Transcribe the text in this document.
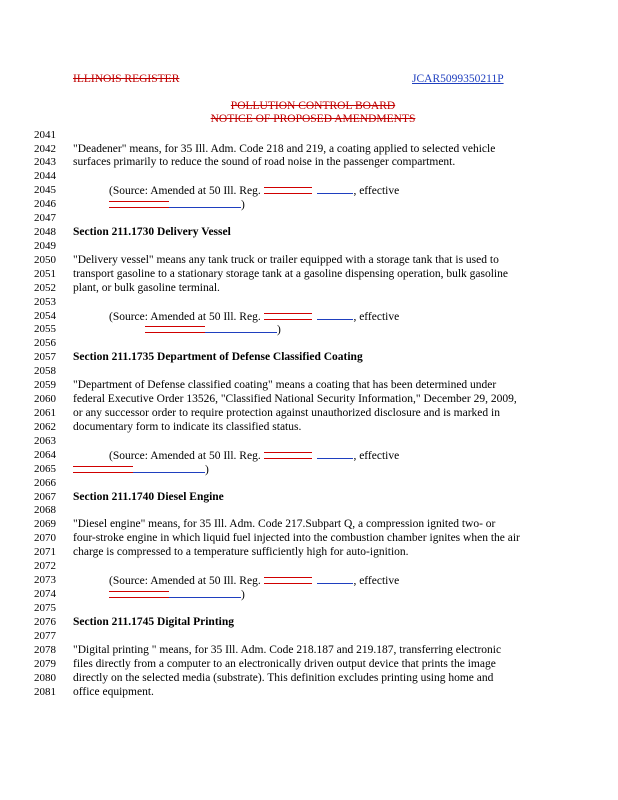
ILLINOIS REGISTER	JCAR5099350211P
POLLUTION CONTROL BOARD
NOTICE OF PROPOSED AMENDMENTS
2041
2042
2043
2044
2045
2046
2047
2048
2049
2050
2051
2052
2053
2054
2055
2056
2057
2058
2059
2060
2061
2062
2063
2064
2065
2066
2067
2068
2069
2070
2071
2072
2073
2074
2075
2076
2077
2078
2079
2080
2081
"Deadener" means, for 35 Ill. Adm. Code 218 and 219, a coating applied to selected vehicle
surfaces primarily to reduce the sound of road noise in the passenger compartment.
(Source: Amended at 50 Ill. Reg.	, effective
)
Section 211.1730 Delivery Vessel
"Delivery vessel" means any tank truck or trailer equipped with a storage tank that is used to
transport gasoline to a stationary storage tank at a gasoline dispensing operation, bulk gasoline
plant, or bulk gasoline terminal.
(Source: Amended at 50 Ill. Reg.	, effective
)
Section 211.1735 Department of Defense Classified Coating
"Department of Defense classified coating" means a coating that has been determined under
federal Executive Order 13526, "Classified National Security Information," December 29, 2009,
or any successor order to require protection against unauthorized disclosure and is marked in
documentary form to indicate its classified status.
(Source: Amended at 50 Ill. Reg.	, effective
)
Section 211.1740 Diesel Engine
"Diesel engine" means, for 35 Ill. Adm. Code 217.Subpart Q, a compression ignited two- or
four-stroke engine in which liquid fuel injected into the combustion chamber ignites when the air
charge is compressed to a temperature sufficiently high for auto-ignition.
(Source: Amended at 50 Ill. Reg.	, effective
)
Section 211.1745 Digital Printing
"Digital printing " means, for 35 Ill. Adm. Code 218.187 and 219.187, transferring electronic
files directly from a computer to an electronically driven output device that prints the image
directly on the selected media (substrate). This definition excludes printing using home and
office equipment.
